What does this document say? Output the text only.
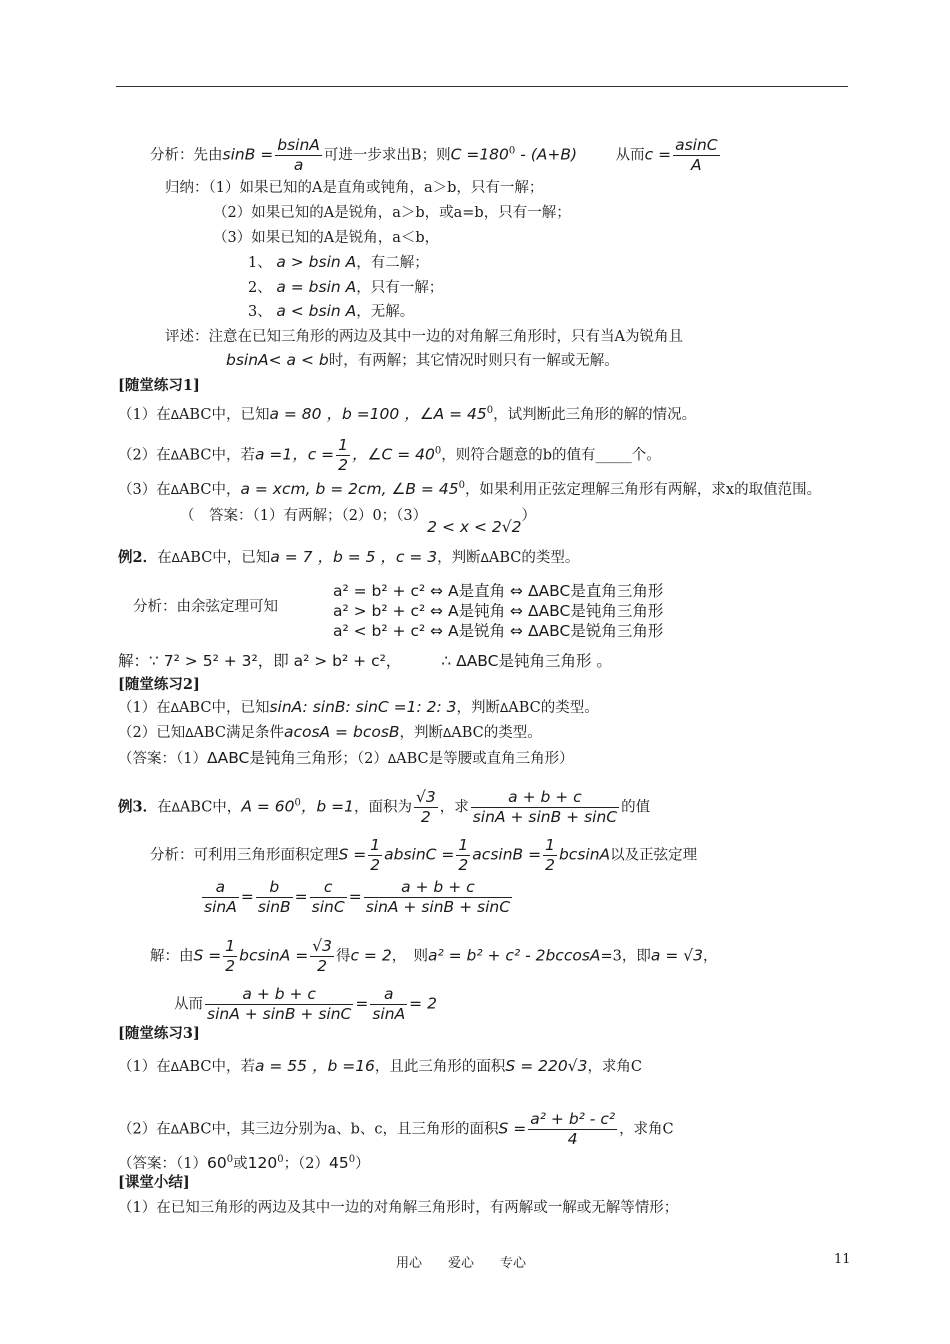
分析：先由$\sin B = \frac{bsinA}{a}$ 可进一步求出B；则$C =180^0 - (A+B)$	从而$c = \frac{asinC}{A}$
归纳：（1）如果已知的A是直角或钝角，a＞b，只有一解；
（2）如果已知的A是锐角，a＞b，或a=b，只有一解；
（3）如果已知的A是锐角，a＜b，
1、 a > bsin A，有二解；
2、 a = bsin A，只有一解；
3、 a < bsin A，无解。
评述：注意在已知三角形的两边及其中一边的对角解三角形时，只有当A为锐角且
bsinA< a < b时，有两解；其它情况时则只有一解或无解。
[随堂练习1]
（1）在ΔABC中，已知a = 80 ，b =100 ，∠A = $45^0$，试判断此三角形的解的情况。
（2）在ΔABC中，若a =1，$c = \frac{1}{2}$ ，∠C = $40^0$，则符合题意的b的值有_____个。
（3）在ΔABC中，a = xcm, b = 2cm, ∠B = $45^0$，如果利用正弦定理解三角形有两解，求x的取值范围。
（　答案：（1）有两解；（2）0；（3）2 < x < 2√2）
例2．在ΔABC中，已知a = 7 ，b = 5 ，c = 3，判断ΔABC的类型。
分析：由余弦定理可知
a² = b² + c² ⇔ A是直角 ⇔ ΔABC是直角三角形
a² > b² + c² ⇔ A是钝角 ⇔ ΔABC是钝角三角形
a² < b² + c² ⇔ A是锐角 ⇔ ΔABC是锐角三角形
解：∵ 7² > 5² + 3²，即 a² > b² + c²，	∴ ΔABC是钝角三角形 。
[随堂练习2]
（1）在ΔABC中，已知sinA: sinB: sinC =1: 2: 3，判断ΔABC的类型。
（2）已知ΔABC满足条件acosA = bcosB，判断ΔABC的类型。
（答案：（1）ΔABC是钝角三角形；（2）ΔABC是等腰或直角三角形）
例3．在ΔABC中，$A = 60^0$，b =1，面积为 $\frac{√3}{2}$ ，求 $\frac{a + b + c}{\sin A + \sin B + \sin C}$ 的值
分析：可利用三角形面积定理$S = \frac{1}{2}$ $absinC = \frac{1}{2}$ $acsinB = \frac{1}{2}$ bcsinA以及正弦定理
$\frac{a}{\sin A} = \frac{b}{\sin B} = \frac{c}{\sin C} = \frac{a + b + c}{\sin A + \sin B + \sin C}$
解：由$S = \frac{1}{2}$ $bcsinA = \frac{√3}{2}$ 得c = 2，　则a² = b² + c² - 2bccosA=3，即a = √3，
从而 $\frac{a + b + c}{\sin A + \sin B + \sin C} = \frac{a}{\sin A} = 2$
[随堂练习3]
（1）在ΔABC中，若a = 55 ，b =16，且此三角形的面积S = 220√3，求角C
（2）在ΔABC中，其三边分别为a、b、c，且三角形的面积$S = \frac{\text{a² + b² - c²}}{4}$ ，求角C
（答案：$(1)60^0$或$120^0$；$(2)45^0$）
[课堂小结]
（1）在已知三角形的两边及其中一边的对角解三角形时，有两解或一解或无解等情形；
用心　　爱心　　专心	11
